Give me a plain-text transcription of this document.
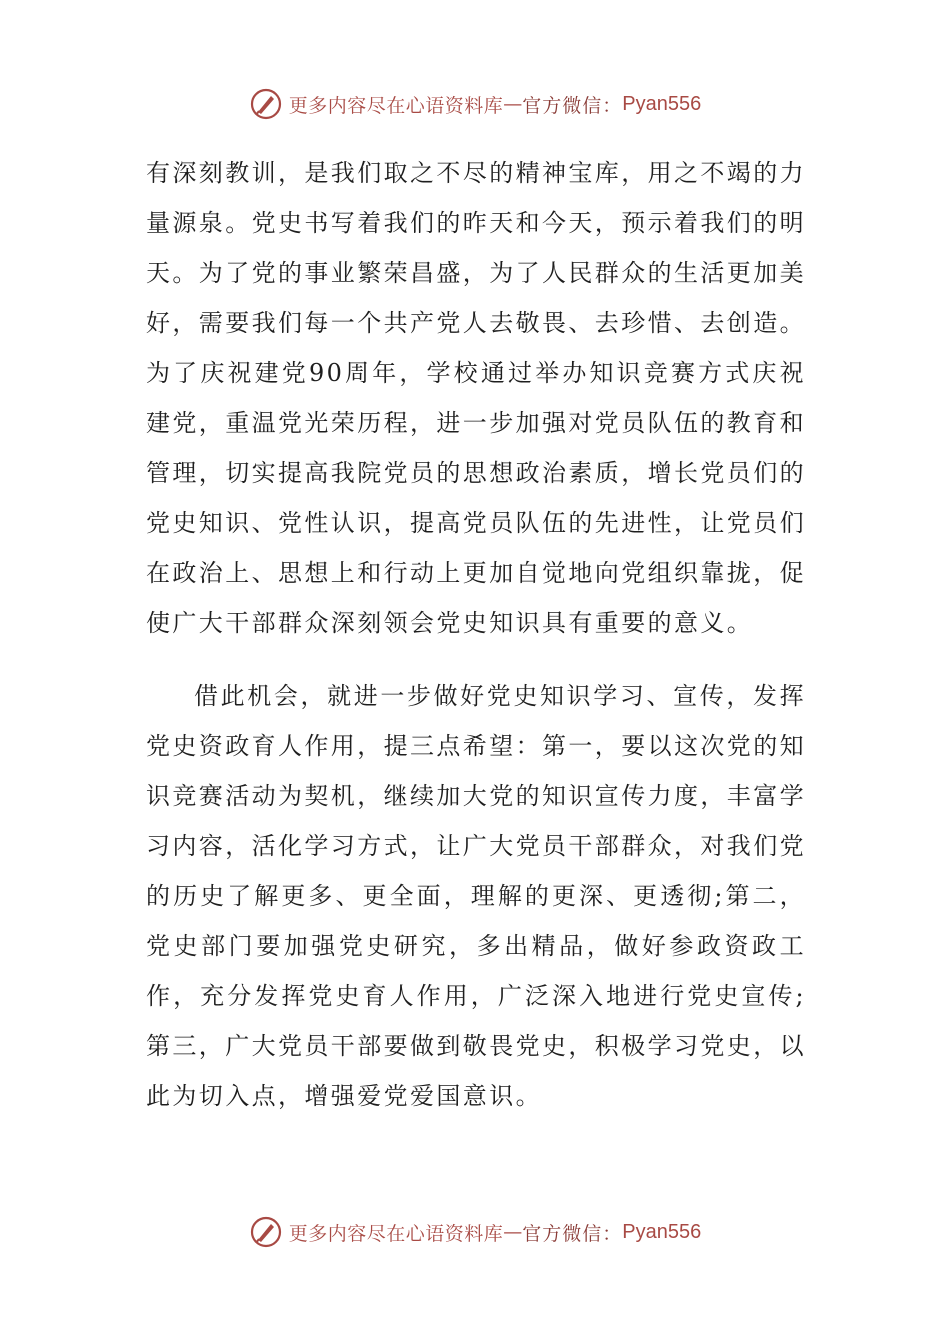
更多内容尽在心语资料库 — 官方微信： Pyan556

有深刻教训，是我们取之不尽的精神宝库，用之不竭的力量源泉。党史书写着我们的昨天和今天，预示着我们的明天。为了党的事业繁荣昌盛，为了人民群众的生活更加美好，需要我们每一个共产党人去敬畏、去珍惜、去创造。为了庆祝建党90周年，学校通过举办知识竞赛方式庆祝建党，重温党光荣历程，进一步加强对党员队伍的教育和管理，切实提高我院党员的思想政治素质，增长党员们的党史知识、党性认识，提高党员队伍的先进性，让党员们在政治上、思想上和行动上更加自觉地向党组织靠拢，促使广大干部群众深刻领会党史知识具有重要的意义。

借此机会，就进一步做好党史知识学习、宣传，发挥党史资政育人作用，提三点希望：第一，要以这次党的知识竞赛活动为契机，继续加大党的知识宣传力度，丰富学习内容，活化学习方式，让广大党员干部群众，对我们党的历史了解更多、更全面，理解的更深、更透彻;第二，党史部门要加强党史研究，多出精品，做好参政资政工作，充分发挥党史育人作用，广泛深入地进行党史宣传;第三，广大党员干部要做到敬畏党史，积极学习党史，以此为切入点，增强爱党爱国意识。

更多内容尽在心语资料库 — 官方微信： Pyan556
